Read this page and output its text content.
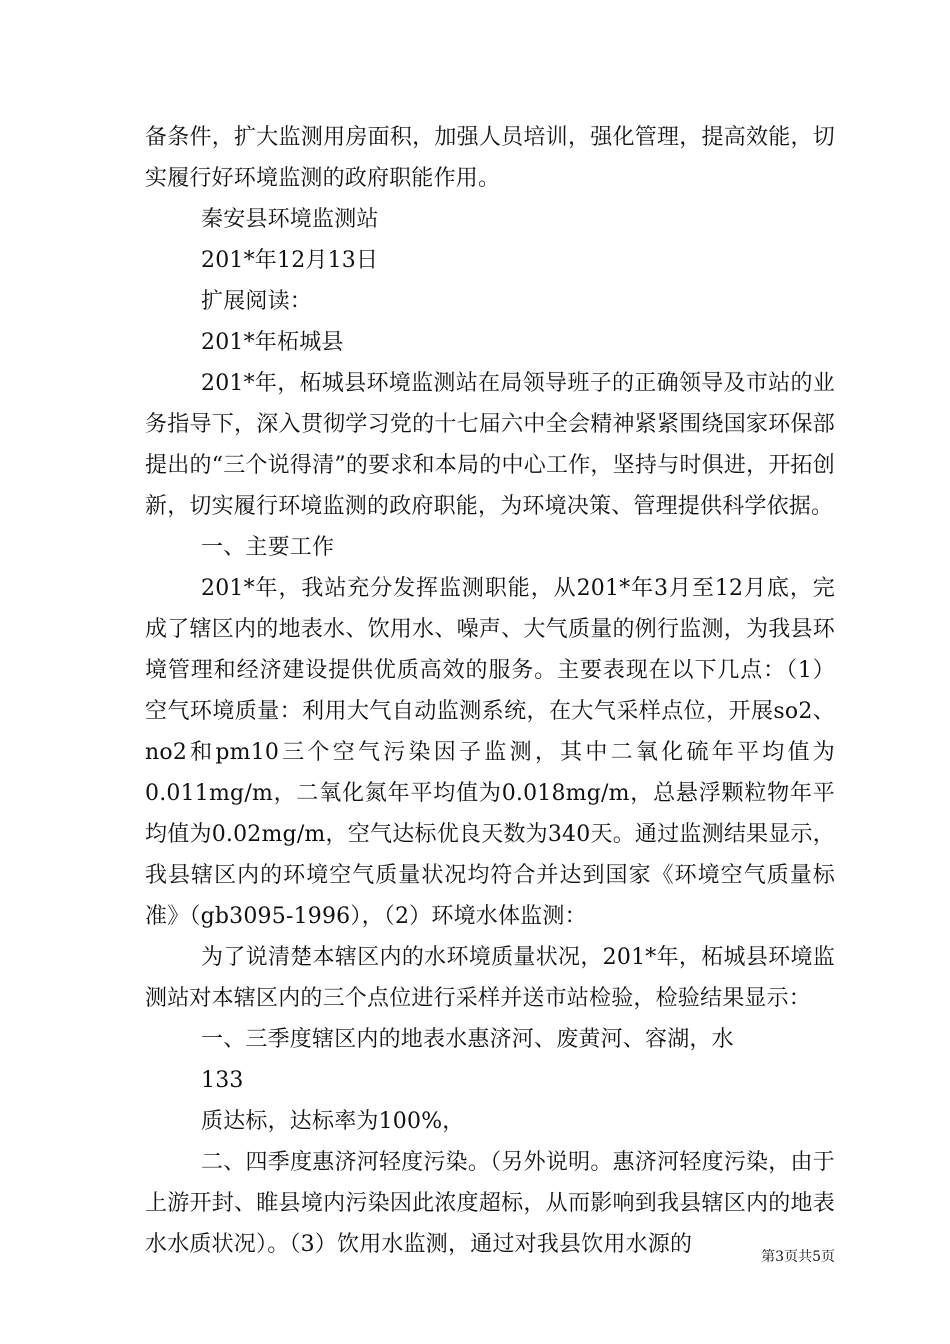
备条件，扩大监测用房面积，加强人员培训，强化管理，提高效能，切实履行好环境监测的政府职能作用。

秦安县环境监测站

201*年12月13日

扩展阅读：

201*年柘城县

201*年，柘城县环境监测站在局领导班子的正确领导及市站的业务指导下，深入贯彻学习党的十七届六中全会精神紧紧围绕国家环保部提出的“三个说得清”的要求和本局的中心工作，坚持与时俱进，开拓创新，切实履行环境监测的政府职能，为环境决策、管理提供科学依据。

一、主要工作

201*年，我站充分发挥监测职能，从201*年3月至12月底，完成了辖区内的地表水、饮用水、噪声、大气质量的例行监测，为我县环境管理和经济建设提供优质高效的服务。主要表现在以下几点：（1）空气环境质量：利用大气自动监测系统，在大气采样点位，开展so2、no2和pm10三个空气污染因子监测，其中二氧化硫年平均值为0.011mg/m，二氧化氮年平均值为0.018mg/m，总悬浮颗粒物年平均值为0.02mg/m，空气达标优良天数为340天。通过监测结果显示，我县辖区内的环境空气质量状况均符合并达到国家《环境空气质量标准》（gb3095-1996），（2）环境水体监测：

为了说清楚本辖区内的水环境质量状况，201*年，柘城县环境监测站对本辖区内的三个点位进行采样并送市站检验，检验结果显示：

一、三季度辖区内的地表水惠济河、废黄河、容湖，水

133

质达标，达标率为100%，

二、四季度惠济河轻度污染。（另外说明。惠济河轻度污染，由于上游开封、睢县境内污染因此浓度超标，从而影响到我县辖区内的地表水水质状况）。（3）饮用水监测，通过对我县饮用水源的	第3页共5页
